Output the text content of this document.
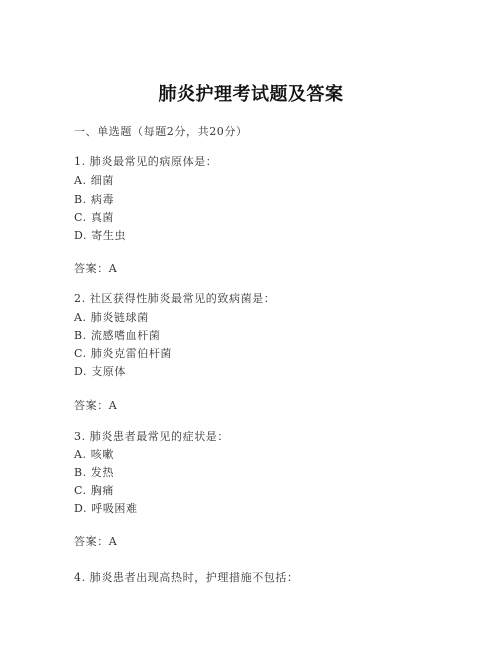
肺炎护理考试题及答案
一、单选题（每题2分，共20分）
1. 肺炎最常见的病原体是：
A. 细菌
B. 病毒
C. 真菌
D. 寄生虫
答案：A
2. 社区获得性肺炎最常见的致病菌是：
A. 肺炎链球菌
B. 流感嗜血杆菌
C. 肺炎克雷伯杆菌
D. 支原体
答案：A
3. 肺炎患者最常见的症状是：
A. 咳嗽
B. 发热
C. 胸痛
D. 呼吸困难
答案：A
4. 肺炎患者出现高热时，护理措施不包括：
